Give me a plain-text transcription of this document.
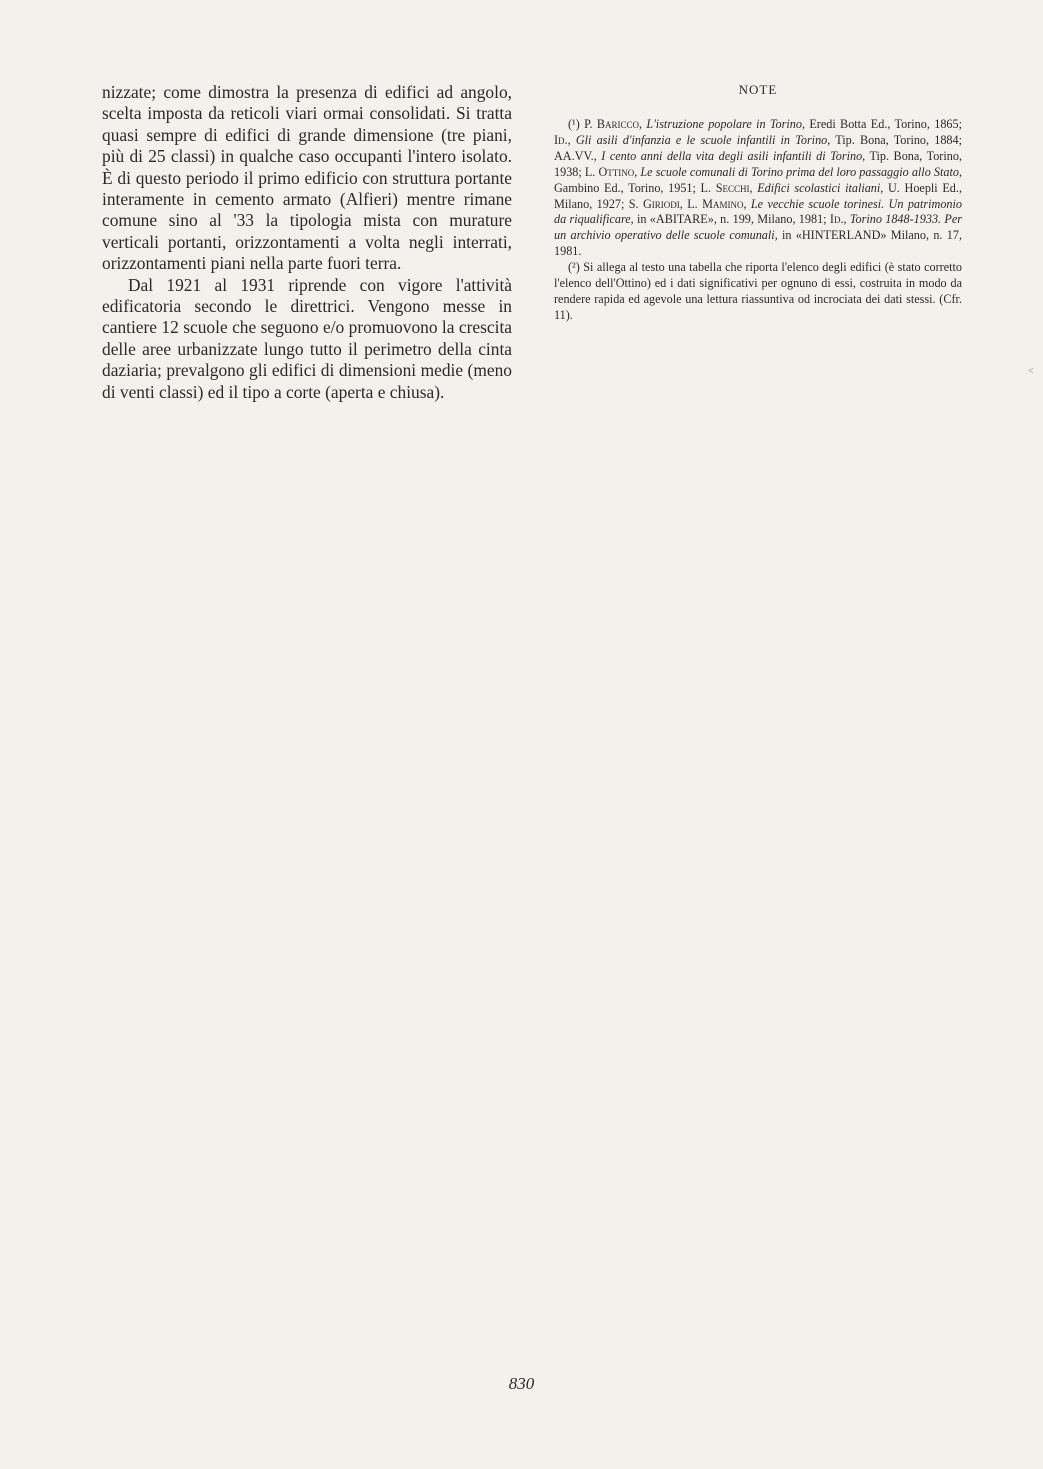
nizzate; come dimostra la presenza di edifici ad angolo, scelta imposta da reticoli viari ormai consolidati. Si tratta quasi sempre di edifici di grande dimensione (tre piani, più di 25 classi) in qualche caso occupanti l'intero isolato. È di questo periodo il primo edificio con struttura portante interamente in cemento armato (Alfieri) mentre rimane comune sino al '33 la tipologia mista con murature verticali portanti, orizzontamenti a volta negli interrati, orizzontamenti piani nella parte fuori terra.

Dal 1921 al 1931 riprende con vigore l'attività edificatoria secondo le direttrici. Vengono messe in cantiere 12 scuole che seguono e/o promuovono la crescita delle aree urbanizzate lungo tutto il perimetro della cinta daziaria; prevalgono gli edifici di dimensioni medie (meno di venti classi) ed il tipo a corte (aperta e chiusa).

NOTE

(¹) P. Baricco, L'istruzione popolare in Torino, Eredi Botta Ed., Torino, 1865; Id., Gli asili d'infanzia e le scuole infantili in Torino, Tip. Bona, Torino, 1884; AA.VV., I cento anni della vita degli asili infantili di Torino, Tip. Bona, Torino, 1938; L. Ottino, Le scuole comunali di Torino prima del loro passaggio allo Stato, Gambino Ed., Torino, 1951; L. Secchi, Edifici scolastici italiani, U. Hoepli Ed., Milano, 1927; S. Giriodi, L. Mamino, Le vecchie scuole torinesi. Un patrimonio da riqualificare, in «ABITARE», n. 199, Milano, 1981; Id., Torino 1848-1933. Per un archivio operativo delle scuole comunali, in «HINTERLAND» Milano, n. 17, 1981.

(²) Si allega al testo una tabella che riporta l'elenco degli edifici (è stato corretto l'elenco dell'Ottino) ed i dati significativi per ognuno di essi, costruita in modo da rendere rapida ed agevole una lettura riassuntiva od incrociata dei dati stessi. (Cfr. 11).

<
830
